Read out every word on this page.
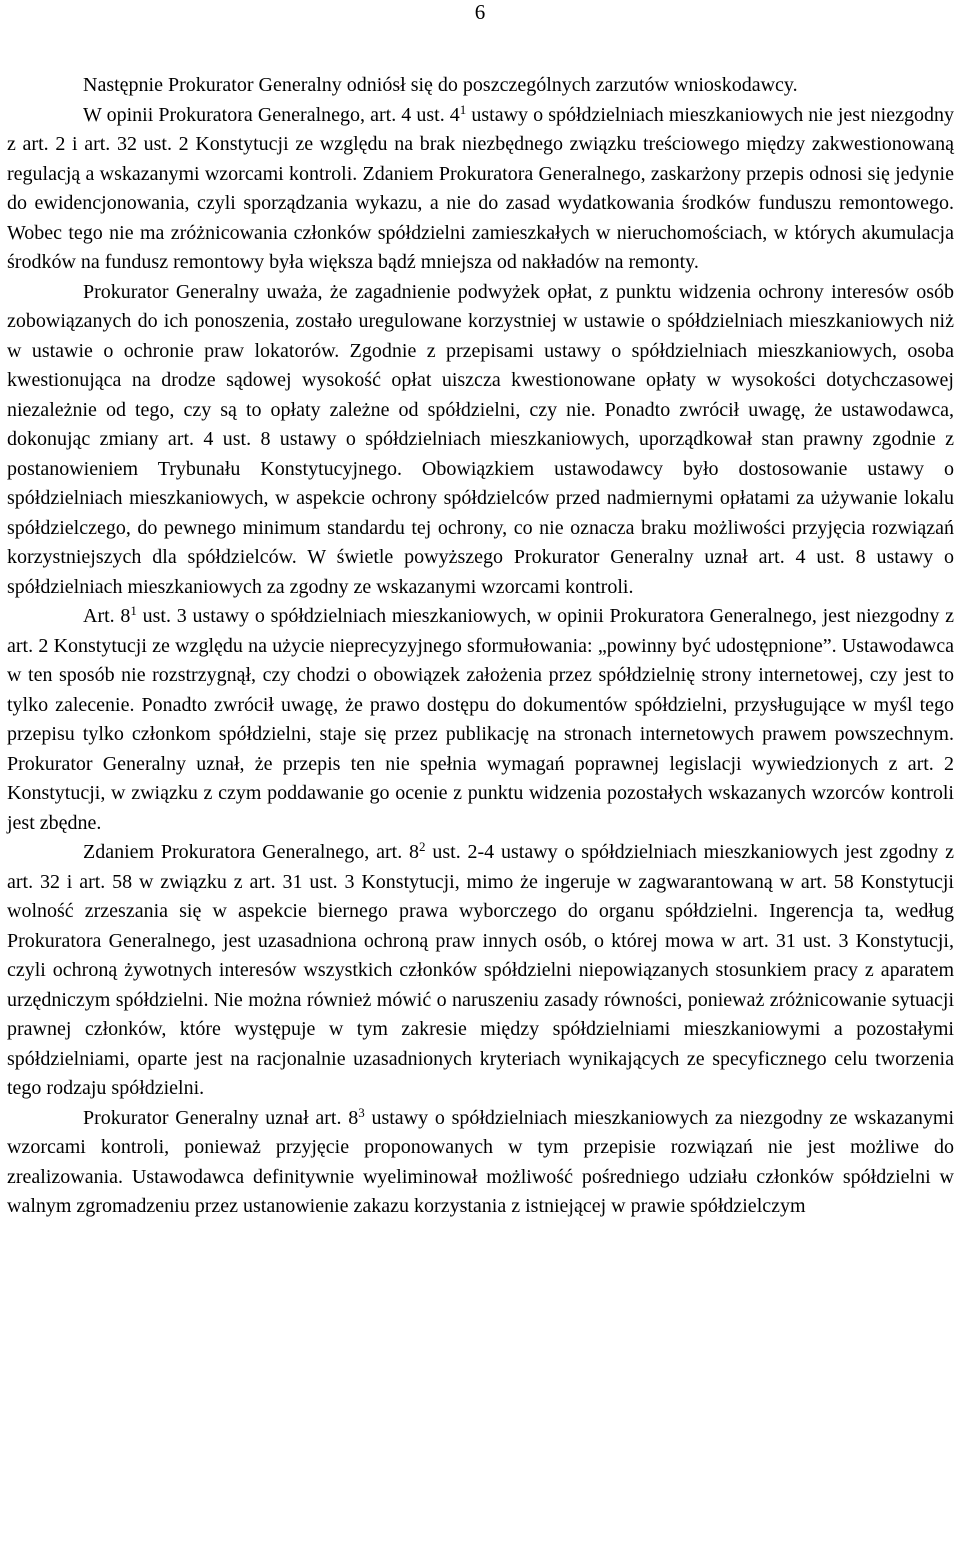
6

Następnie Prokurator Generalny odniósł się do poszczególnych zarzutów wnioskodawcy.

W opinii Prokuratora Generalnego, art. 4 ust. $4^1$ ustawy o spółdzielniach mieszkaniowych nie jest niezgodny z art. 2 i art. 32 ust. 2 Konstytucji ze względu na brak niezbędnego związku treściowego między zakwestionowaną regulacją a wskazanymi wzorcami kontroli. Zdaniem Prokuratora Generalnego, zaskarżony przepis odnosi się jedynie do ewidencjonowania, czyli sporządzania wykazu, a nie do zasad wydatkowania środków funduszu remontowego. Wobec tego nie ma zróżnicowania członków spółdzielni zamieszkałych w nieruchomościach, w których akumulacja środków na fundusz remontowy była większa bądź mniejsza od nakładów na remonty.

Prokurator Generalny uważa, że zagadnienie podwyżek opłat, z punktu widzenia ochrony interesów osób zobowiązanych do ich ponoszenia, zostało uregulowane korzystniej w ustawie o spółdzielniach mieszkaniowych niż w ustawie o ochronie praw lokatorów. Zgodnie z przepisami ustawy o spółdzielniach mieszkaniowych, osoba kwestionująca na drodze sądowej wysokość opłat uiszcza kwestionowane opłaty w wysokości dotychczasowej niezależnie od tego, czy są to opłaty zależne od spółdzielni, czy nie. Ponadto zwrócił uwagę, że ustawodawca, dokonując zmiany art. 4 ust. 8 ustawy o spółdzielniach mieszkaniowych, uporządkował stan prawny zgodnie z postanowieniem Trybunału Konstytucyjnego. Obowiązkiem ustawodawcy było dostosowanie ustawy o spółdzielniach mieszkaniowych, w aspekcie ochrony spółdzielców przed nadmiernymi opłatami za używanie lokalu spółdzielczego, do pewnego minimum standardu tej ochrony, co nie oznacza braku możliwości przyjęcia rozwiązań korzystniejszych dla spółdzielców. W świetle powyższego Prokurator Generalny uznał art. 4 ust. 8 ustawy o spółdzielniach mieszkaniowych za zgodny ze wskazanymi wzorcami kontroli.

Art. $8^1$ ust. 3 ustawy o spółdzielniach mieszkaniowych, w opinii Prokuratora Generalnego, jest niezgodny z art. 2 Konstytucji ze względu na użycie nieprecyzyjnego sformułowania: „powinny być udostępnione”. Ustawodawca w ten sposób nie rozstrzygnął, czy chodzi o obowiązek założenia przez spółdzielnię strony internetowej, czy jest to tylko zalecenie. Ponadto zwrócił uwagę, że prawo dostępu do dokumentów spółdzielni, przysługujące w myśl tego przepisu tylko członkom spółdzielni, staje się przez publikację na stronach internetowych prawem powszechnym. Prokurator Generalny uznał, że przepis ten nie spełnia wymagań poprawnej legislacji wywiedzionych z art. 2 Konstytucji, w związku z czym poddawanie go ocenie z punktu widzenia pozostałych wskazanych wzorców kontroli jest zbędne.

Zdaniem Prokuratora Generalnego, art. $8^2$ ust. 2-4 ustawy o spółdzielniach mieszkaniowych jest zgodny z art. 32 i art. 58 w związku z art. 31 ust. 3 Konstytucji, mimo że ingeruje w zagwarantowaną w art. 58 Konstytucji wolność zrzeszania się w aspekcie biernego prawa wyborczego do organu spółdzielni. Ingerencja ta, według Prokuratora Generalnego, jest uzasadniona ochroną praw innych osób, o której mowa w art. 31 ust. 3 Konstytucji, czyli ochroną żywotnych interesów wszystkich członków spółdzielni niepowiązanych stosunkiem pracy z aparatem urzędniczym spółdzielni. Nie można również mówić o naruszeniu zasady równości, ponieważ zróżnicowanie sytuacji prawnej członków, które występuje w tym zakresie między spółdzielniami mieszkaniowymi a pozostałymi spółdzielniami, oparte jest na racjonalnie uzasadnionych kryteriach wynikających ze specyficznego celu tworzenia tego rodzaju spółdzielni.

Prokurator Generalny uznał art. $8^3$ ustawy o spółdzielniach mieszkaniowych za niezgodny ze wskazanymi wzorcami kontroli, ponieważ przyjęcie proponowanych w tym przepisie rozwiązań nie jest możliwe do zrealizowania. Ustawodawca definitywnie wyeliminował możliwość pośredniego udziału członków spółdzielni w walnym zgromadzeniu przez ustanowienie zakazu korzystania z istniejącej w prawie spółdzielczym
